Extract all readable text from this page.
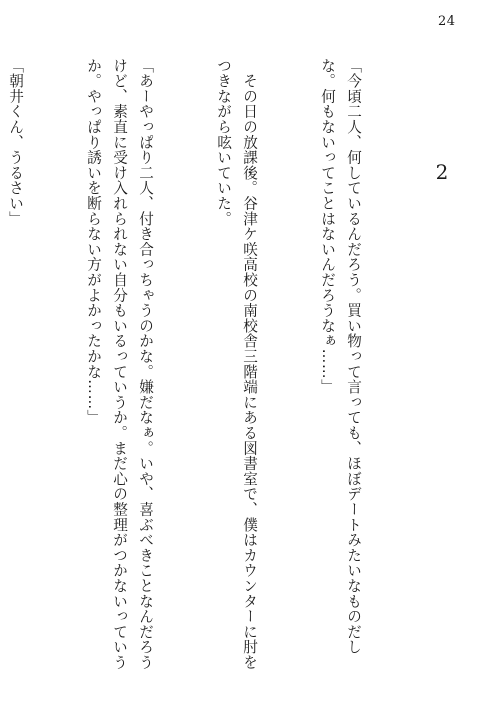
24
2

「今頃二人、何しているんだろう。買い物って言っても、ほぼデートみたいなものだしな。何もないってことはないんだろうなぁ……」

　その日の放課後。谷津ケ咲高校の南校舎三階端にある図書室で、僕はカウンターに肘をつきながら呟いていた。

「あーやっぱり二人、付き合っちゃうのかな。嫌だなぁ。いや、喜ぶべきことなんだろうけど、素直に受け入れられない自分もいるっていうか。まだ心の整理がつかないっていうか。やっぱり誘いを断らない方がよかったかな……」

「朝井くん、うるさい」
